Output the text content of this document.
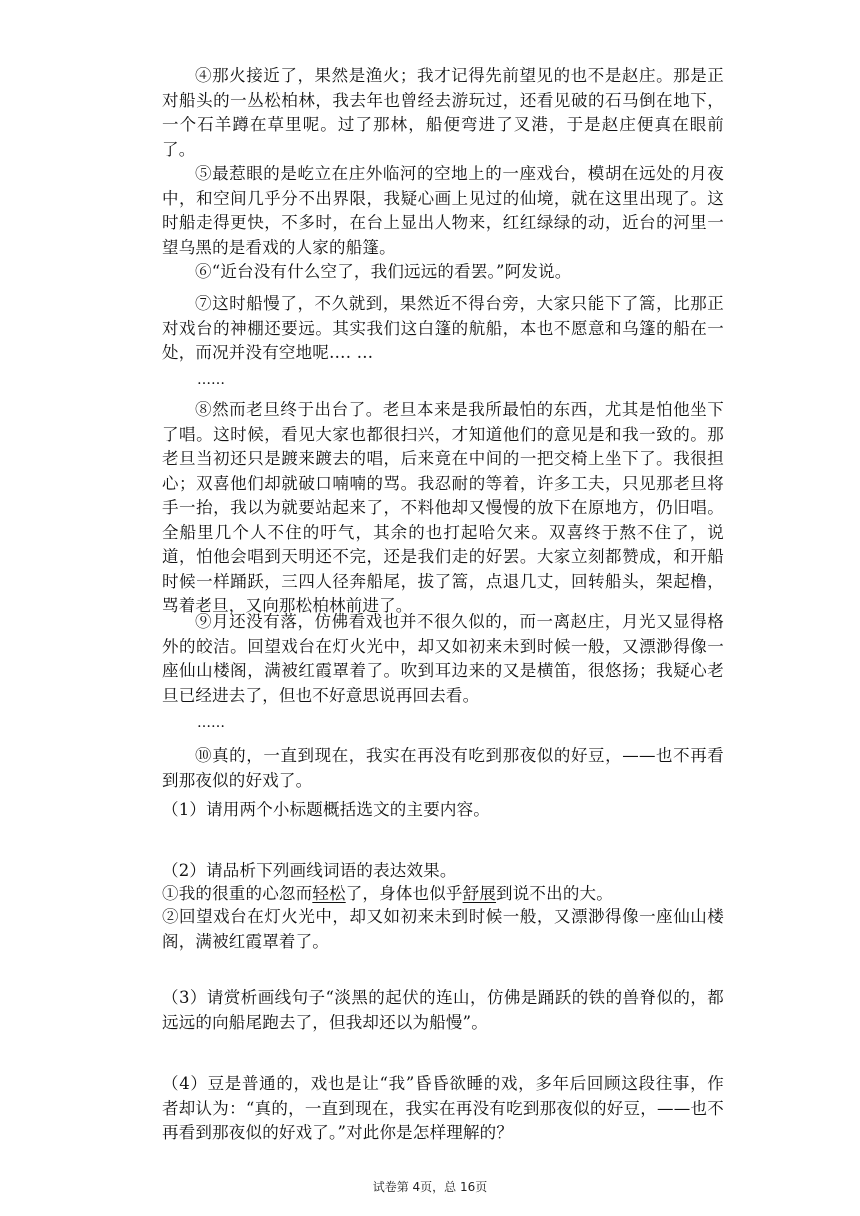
④那火接近了，果然是渔火；我才记得先前望见的也不是赵庄。那是正对船头的一丛松柏林，我去年也曾经去游玩过，还看见破的石马倒在地下，一个石羊蹲在草里呢。过了那林，船便弯进了叉港，于是赵庄便真在眼前了。

⑤最惹眼的是屹立在庄外临河的空地上的一座戏台，模胡在远处的月夜中，和空间几乎分不出界限，我疑心画上见过的仙境，就在这里出现了。这时船走得更快，不多时，在台上显出人物来，红红绿绿的动，近台的河里一望乌黑的是看戏的人家的船篷。

⑥“近台没有什么空了，我们远远的看罢。”阿发说。

⑦这时船慢了，不久就到，果然近不得台旁，大家只能下了篙，比那正对戏台的神棚还要远。其实我们这白篷的航船，本也不愿意和乌篷的船在一处，而况并没有空地呢…. …

……

⑧然而老旦终于出台了。老旦本来是我所最怕的东西，尤其是怕他坐下了唱。这时候，看见大家也都很扫兴，才知道他们的意见是和我一致的。那老旦当初还只是踱来踱去的唱，后来竟在中间的一把交椅上坐下了。我很担心；双喜他们却就破口喃喃的骂。我忍耐的等着，许多工夫，只见那老旦将手一抬，我以为就要站起来了，不料他却又慢慢的放下在原地方，仍旧唱。全船里几个人不住的吁气，其余的也打起哈欠来。双喜终于熬不住了，说道，怕他会唱到天明还不完，还是我们走的好罢。大家立刻都赞成，和开船时候一样踊跃，三四人径奔船尾，拔了篙，点退几丈，回转船头，架起橹，骂着老旦，又向那松柏林前进了。

⑨月还没有落，仿佛看戏也并不很久似的，而一离赵庄，月光又显得格外的皎洁。回望戏台在灯火光中，却又如初来未到时候一般，又漂渺得像一座仙山楼阁，满被红霞罩着了。吹到耳边来的又是横笛，很悠扬；我疑心老旦已经进去了，但也不好意思说再回去看。

……

⑩真的，一直到现在，我实在再没有吃到那夜似的好豆，——也不再看到那夜似的好戏了。

（1）请用两个小标题概括选文的主要内容。

（2）请品析下列画线词语的表达效果。

①我的很重的心忽而轻松了，身体也似乎舒展到说不出的大。

②回望戏台在灯火光中，却又如初来未到时候一般，又漂渺得像一座仙山楼阁，满被红霞罩着了。

（3）请赏析画线句子“淡黑的起伏的连山，仿佛是踊跃的铁的兽脊似的，都远远的向船尾跑去了，但我却还以为船慢”。

（4）豆是普通的，戏也是让“我”昏昏欲睡的戏，多年后回顾这段往事，作者却认为：“真的，一直到现在，我实在再没有吃到那夜似的好豆，——也不再看到那夜似的好戏了。”对此你是怎样理解的？

试卷第 4页，总 16页
